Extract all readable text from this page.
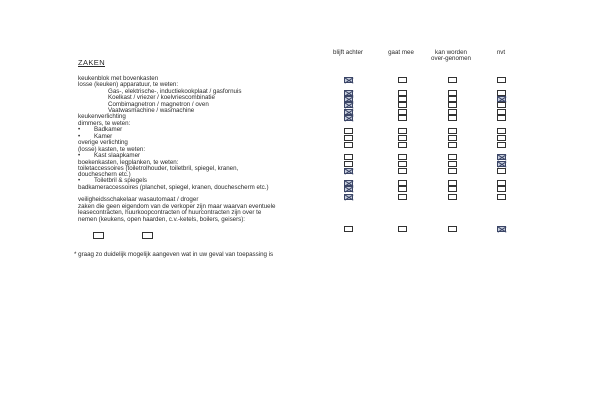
ZAKEN
blijft achter	gaat mee	kan worden over-genomen
nvt
keukenblok met bovenkasten
losse (keuken) apparatuur, te weten:
Gas-, elektrische-, inductiekookplaat / gasfornuis
Koelkast / vriezer / koelvriescombinatie
Combimagnetron / magnetron / oven
Vaatwasmachine / wasmachine
keukenverlichting
dimmers, te weten:
• Badkamer
• Kamer
overige verlichting
(losse) kasten, te weten:
• Kast slaapkamer
boekenkasten, legplanken, te weten:
toiletaccessoires (toiletrolhouder, toiletbril, spiegel, kranen, doucheschern etc.)
• Toiletbril & spiegels
badkameraccessoires (planchet, spiegel, kranen, douchescherm etc.)
veiligheidsschakelaar wasautomaat / droger
zaken die geen eigendom van de verkoper zijn maar waarvan eventuele leasecontracten, huurkoopcontracten of huurcontracten zijn over te nemen (keukens, open haarden, c.v.-ketels, boilers, geisers):
* graag zo duidelijk mogelijk aangeven wat in uw geval van toepassing is
